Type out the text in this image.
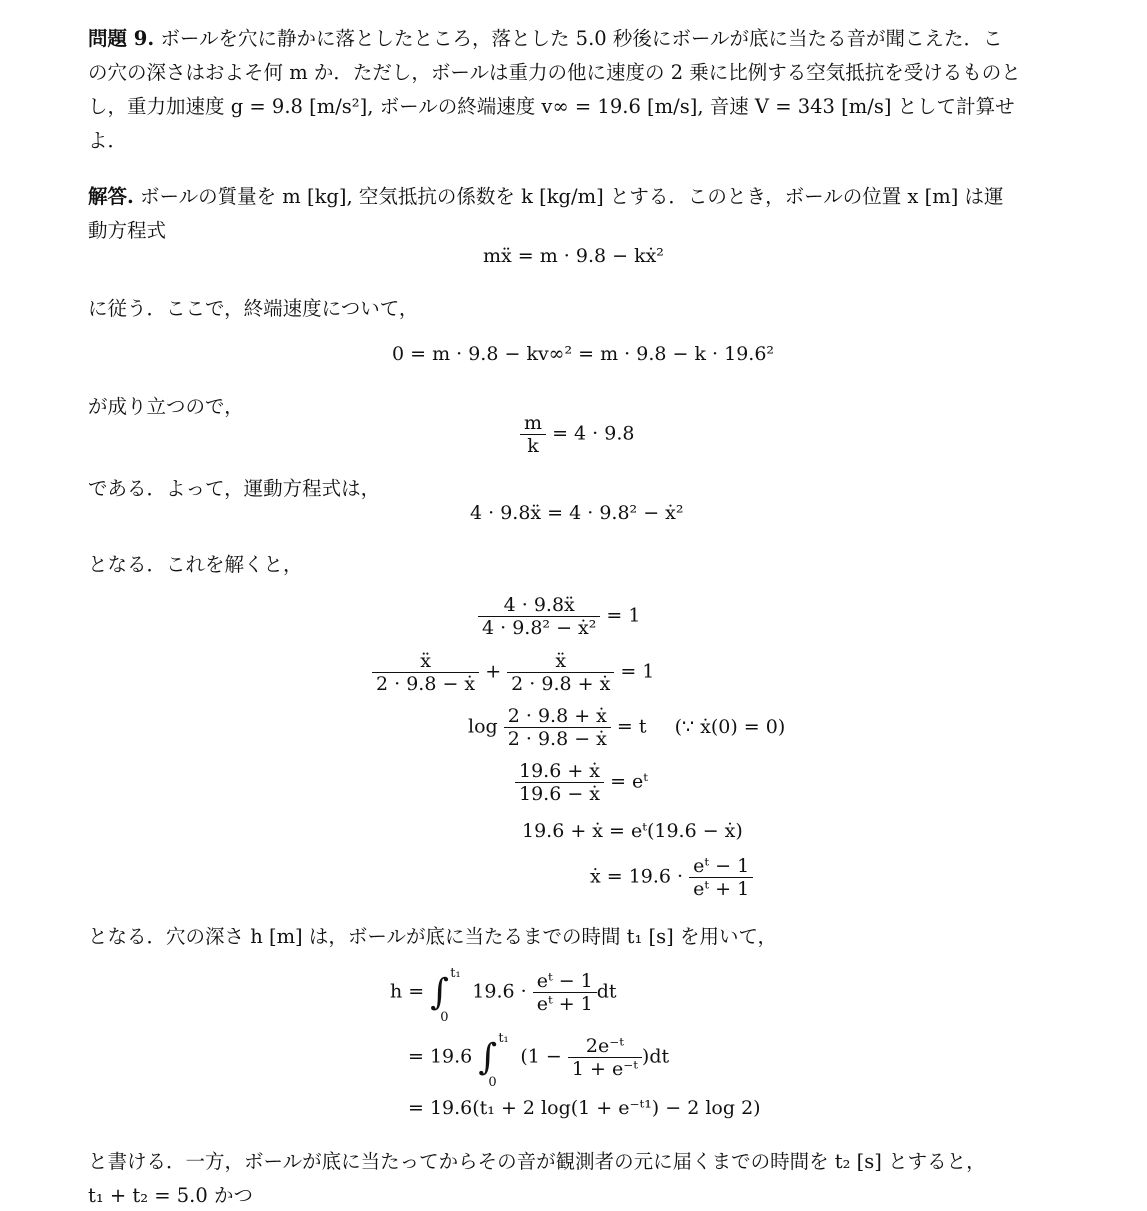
問題 9. ボールを穴に静かに落としたところ，落とした 5.0 秒後にボールが底に当たる音が聞こえた．こ
の穴の深さはおよそ何 m か．ただし，ボールは重力の他に速度の 2 乗に比例する空気抵抗を受けるものと
し，重力加速度 g = 9.8 [m/s²], ボールの終端速度 v∞ = 19.6 [m/s], 音速 V = 343 [m/s] として計算せ
よ．
解答. ボールの質量を m [kg], 空気抵抗の係数を k [kg/m] とする．このとき，ボールの位置 x [m] は運
動方程式
mẍ = m · 9.8 − kẋ²
に従う．ここで，終端速度について，
0 = m · 9.8 − kv∞² = m · 9.8 − k · 19.6²
が成り立つので，
$\frac{m}{k} = 4 \cdot 9.8$
である．よって，運動方程式は，
4 · 9.8ẍ = 4 · 9.8² − ẋ²
となる．これを解くと，
$\frac{\text{4 · 9.8ẍ}}{\text{4 · 9.8² − ẋ²}} = 1$
$\frac{\text{ẍ}}{\text{2 · 9.8 − ẋ}} + \frac{\text{ẍ}}{\text{2 · 9.8 + ẋ}} = 1$
$\log \frac{\text{2 · 9.8 + ẋ}}{\text{2 · 9.8 − ẋ}} = t$ (∵ ẋ(0) = 0)
$\frac{\text{19.6 + ẋ}}{\text{19.6 − ẋ}}$ = eᵗ
19.6 + ẋ = eᵗ(19.6 − ẋ)
ẋ = $19.6 \cdot \frac{\text{eᵗ − 1}}{\text{eᵗ + 1}}$
となる．穴の深さ h [m] は，ボールが底に当たるまでの時間 t₁ [s] を用いて，
h = ∫ t₁
0
$19.6 \cdot \frac{\text{eᵗ − 1}}{\text{eᵗ + 1}}$ dt
= 19.6 ∫ t₁
0
$(1 - \frac{\text{2e⁻ᵗ}}{\text{1 + e⁻ᵗ}} )dt$
= 19.6(t₁ + 2 log(1 + e⁻ᵗ¹) − 2 log 2)
と書ける．一方，ボールが底に当たってからその音が観測者の元に届くまでの時間を t₂ [s] とすると，
t₁ + t₂ = 5.0 かつ
